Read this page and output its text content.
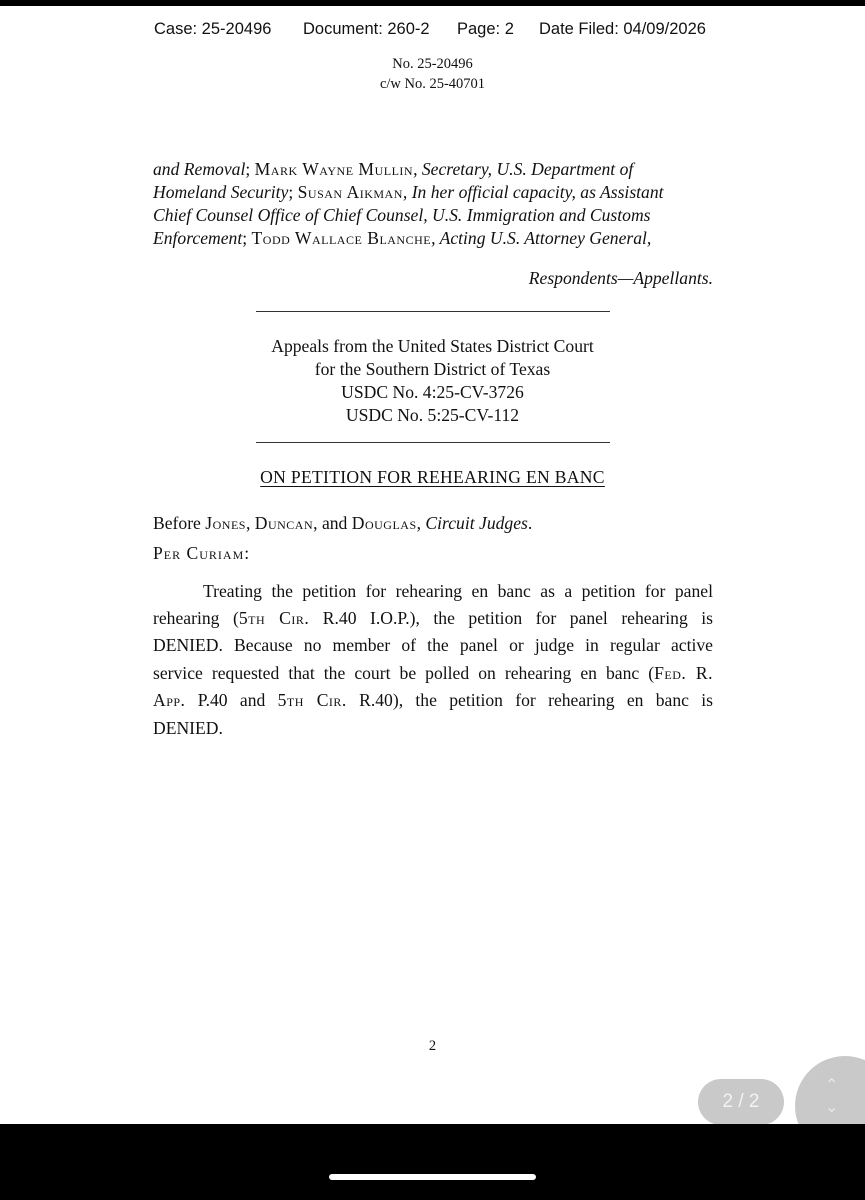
Case: 25-20496 Document: 260-2 Page: 2 Date Filed: 04/09/2026
No. 25-20496
c/w No. 25-40701
and Removal; Mark Wayne Mullin, Secretary, U.S. Department of
Homeland Security; Susan Aikman, In her official capacity, as Assistant
Chief Counsel Office of Chief Counsel, U.S. Immigration and Customs
Enforcement; Todd Wallace Blanche, Acting U.S. Attorney General,
Respondents—Appellants.
Appeals from the United States District Court
for the Southern District of Texas
USDC No. 4:25-CV-3726
USDC No. 5:25-CV-112
ON PETITION FOR REHEARING EN BANC
Before Jones, Duncan, and Douglas, Circuit Judges.
Per Curiam:
Treating the petition for rehearing en banc as a petition for panel
rehearing (5th Cir. R.40 I.O.P.), the petition for panel rehearing is
DENIED. Because no member of the panel or judge in regular active
service requested that the court be polled on rehearing en banc (Fed. R.
App. P.40 and 5th Cir. R.40), the petition for rehearing en banc is
DENIED.
2
2 / 2
⌃
⌄
